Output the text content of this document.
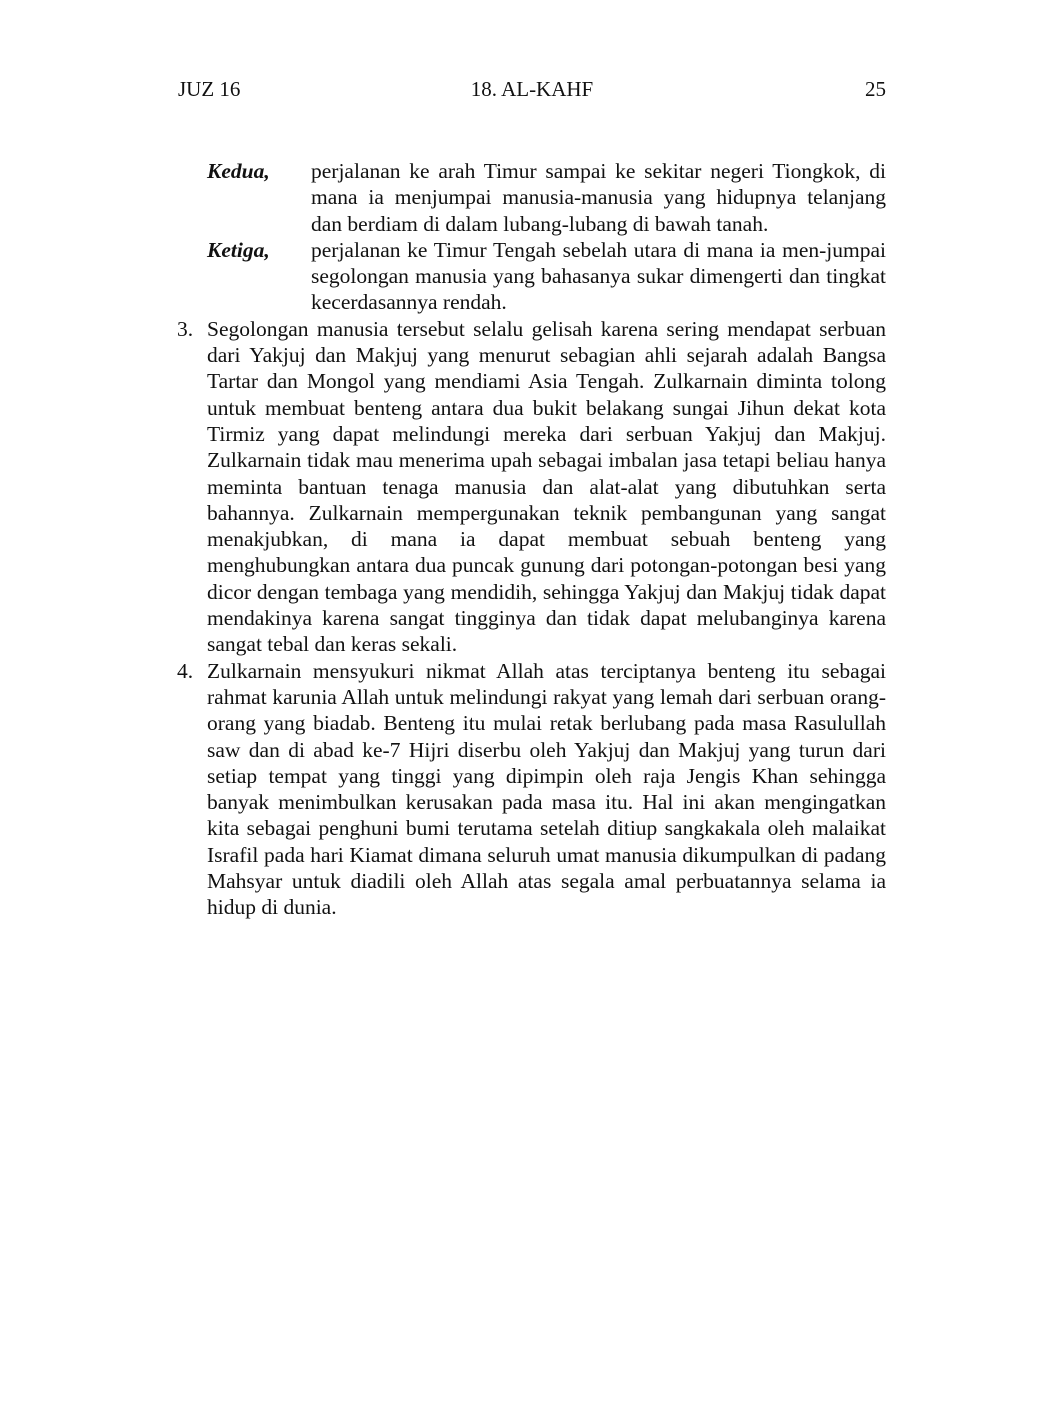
JUZ 16	18. AL-KAHF	25
Kedua,	perjalanan ke arah Timur sampai ke sekitar negeri Tiongkok, di mana ia menjumpai manusia-manusia yang hidupnya telanjang dan berdiam di dalam lubang-lubang di bawah tanah.
Ketiga,	perjalanan ke Timur Tengah sebelah utara di mana ia men-jumpai segolongan manusia yang bahasanya sukar dimengerti dan tingkat kecerdasannya rendah.
3. Segolongan manusia tersebut selalu gelisah karena sering mendapat serbuan dari Yakjuj dan Makjuj yang menurut sebagian ahli sejarah adalah Bangsa Tartar dan Mongol yang mendiami Asia Tengah. Zulkarnain diminta tolong untuk membuat benteng antara dua bukit belakang sungai Jihun dekat kota Tirmiz yang dapat melindungi mereka dari serbuan Yakjuj dan Makjuj. Zulkarnain tidak mau menerima upah sebagai imbalan jasa tetapi beliau hanya meminta bantuan tenaga manusia dan alat-alat yang dibutuhkan serta bahannya. Zulkarnain mempergunakan teknik pembangunan yang sangat menakjubkan, di mana ia dapat membuat sebuah benteng yang menghubungkan antara dua puncak gunung dari potongan-potongan besi yang dicor dengan tembaga yang mendidih, sehingga Yakjuj dan Makjuj tidak dapat mendakinya karena sangat tingginya dan tidak dapat melubanginya karena sangat tebal dan keras sekali.
4. Zulkarnain mensyukuri nikmat Allah atas terciptanya benteng itu sebagai rahmat karunia Allah untuk melindungi rakyat yang lemah dari serbuan orang-orang yang biadab. Benteng itu mulai retak berlubang pada masa Rasulullah saw dan di abad ke-7 Hijri diserbu oleh Yakjuj dan Makjuj yang turun dari setiap tempat yang tinggi yang dipimpin oleh raja Jengis Khan sehingga banyak menimbulkan kerusakan pada masa itu. Hal ini akan mengingatkan kita sebagai penghuni bumi terutama setelah ditiup sangkakala oleh malaikat Israfil pada hari Kiamat dimana seluruh umat manusia dikumpulkan di padang Mahsyar untuk diadili oleh Allah atas segala amal perbuatannya selama ia hidup di dunia.
